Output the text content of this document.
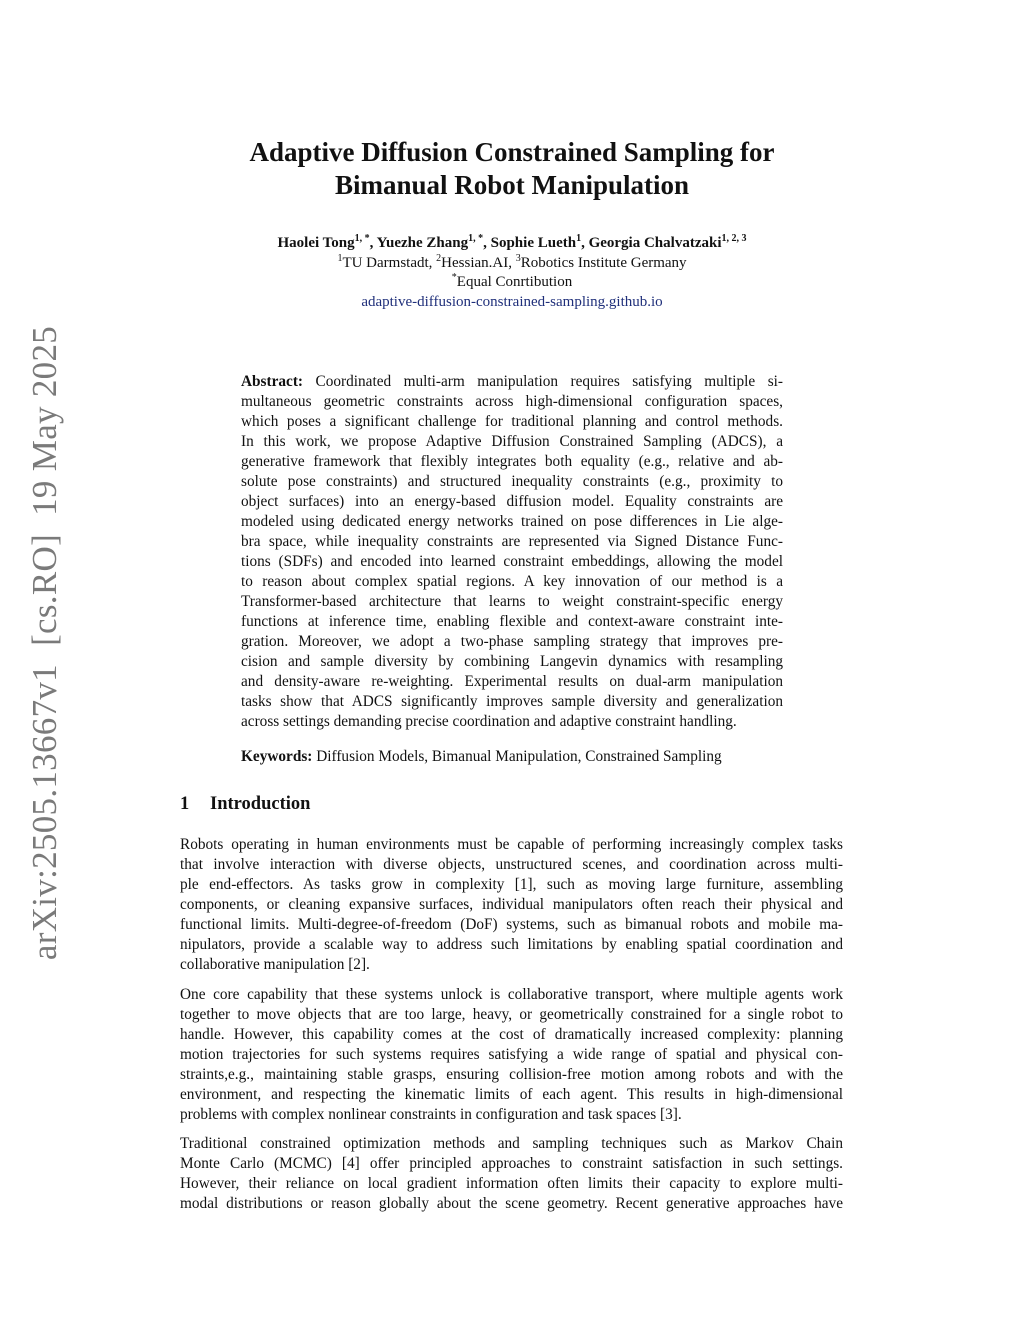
arXiv:2505.13667v1  [cs.RO]  19 May 2025
Adaptive Diffusion Constrained Sampling for
Bimanual Robot Manipulation
Haolei Tong$^{1, *}$, Yuezhe Zhang$^{1, *}$, Sophie Lueth$^1$, Georgia Chalvatzaki$^{1, 2, 3}$
$^1$TU Darmstadt, $^2$Hessian.AI, $^3$Robotics Institute Germany
*Equal Conrtibution
adaptive-diffusion-constrained-sampling.github.io
Abstract: Coordinated multi-arm manipulation requires satisfying multiple si-
multaneous geometric constraints across high-dimensional configuration spaces,
which poses a significant challenge for traditional planning and control methods.
In this work, we propose Adaptive Diffusion Constrained Sampling (ADCS), a
generative framework that flexibly integrates both equality (e.g., relative and ab-
solute pose constraints) and structured inequality constraints (e.g., proximity to
object surfaces) into an energy-based diffusion model. Equality constraints are
modeled using dedicated energy networks trained on pose differences in Lie alge-
bra space, while inequality constraints are represented via Signed Distance Func-
tions (SDFs) and encoded into learned constraint embeddings, allowing the model
to reason about complex spatial regions. A key innovation of our method is a
Transformer-based architecture that learns to weight constraint-specific energy
functions at inference time, enabling flexible and context-aware constraint inte-
gration. Moreover, we adopt a two-phase sampling strategy that improves pre-
cision and sample diversity by combining Langevin dynamics with resampling
and density-aware re-weighting. Experimental results on dual-arm manipulation
tasks show that ADCS significantly improves sample diversity and generalization
across settings demanding precise coordination and adaptive constraint handling.
Keywords: Diffusion Models, Bimanual Manipulation, Constrained Sampling
1 Introduction
Robots operating in human environments must be capable of performing increasingly complex tasks
that involve interaction with diverse objects, unstructured scenes, and coordination across multi-
ple end-effectors. As tasks grow in complexity [1], such as moving large furniture, assembling
components, or cleaning expansive surfaces, individual manipulators often reach their physical and
functional limits. Multi-degree-of-freedom (DoF) systems, such as bimanual robots and mobile ma-
nipulators, provide a scalable way to address such limitations by enabling spatial coordination and
collaborative manipulation [2].
One core capability that these systems unlock is collaborative transport, where multiple agents work
together to move objects that are too large, heavy, or geometrically constrained for a single robot to
handle. However, this capability comes at the cost of dramatically increased complexity: planning
motion trajectories for such systems requires satisfying a wide range of spatial and physical con-
straints,e.g., maintaining stable grasps, ensuring collision-free motion among robots and with the
environment, and respecting the kinematic limits of each agent. This results in high-dimensional
problems with complex nonlinear constraints in configuration and task spaces [3].
Traditional constrained optimization methods and sampling techniques such as Markov Chain
Monte Carlo (MCMC) [4] offer principled approaches to constraint satisfaction in such settings.
However, their reliance on local gradient information often limits their capacity to explore multi-
modal distributions or reason globally about the scene geometry. Recent generative approaches have
